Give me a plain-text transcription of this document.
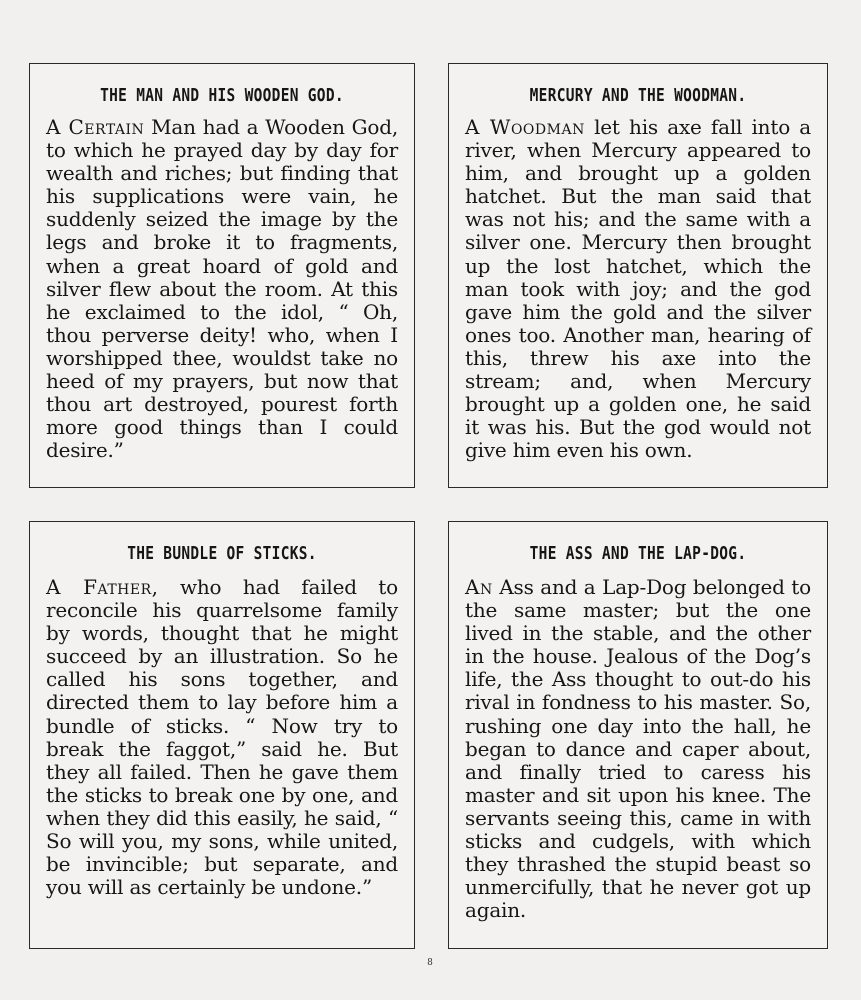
THE MAN AND HIS WOODEN GOD.

A Certain Man had a Wooden God, to which he prayed day by day for wealth and riches; but finding that his supplications were vain, he suddenly seized the image by the legs and broke it to fragments, when a great hoard of gold and silver flew about the room. At this he exclaimed to the idol, “ Oh, thou perverse deity! who, when I worshipped thee, wouldst take no heed of my prayers, but now that thou art destroyed, pourest forth more good things than I could desire.”

MERCURY AND THE WOODMAN.

A Woodman let his axe fall into a river, when Mercury appeared to him, and brought up a golden hatchet. But the man said that was not his; and the same with a silver one. Mercury then brought up the lost hatchet, which the man took with joy; and the god gave him the gold and the silver ones too. Another man, hearing of this, threw his axe into the stream; and, when Mercury brought up a golden one, he said it was his. But the god would not give him even his own.

THE BUNDLE OF STICKS.

A Father, who had failed to reconcile his quarrelsome family by words, thought that he might succeed by an illustration. So he called his sons together, and directed them to lay before him a bundle of sticks. “ Now try to break the faggot,” said he. But they all failed. Then he gave them the sticks to break one by one, and when they did this easily, he said, “ So will you, my sons, while united, be invincible; but separate, and you will as certainly be undone.”

THE ASS AND THE LAP-DOG.

An Ass and a Lap-Dog belonged to the same master; but the one lived in the stable, and the other in the house. Jealous of the Dog’s life, the Ass thought to out-do his rival in fondness to his master. So, rushing one day into the hall, he began to dance and caper about, and finally tried to caress his master and sit upon his knee. The servants seeing this, came in with sticks and cudgels, with which they thrashed the stupid beast so unmercifully, that he never got up again.

8
